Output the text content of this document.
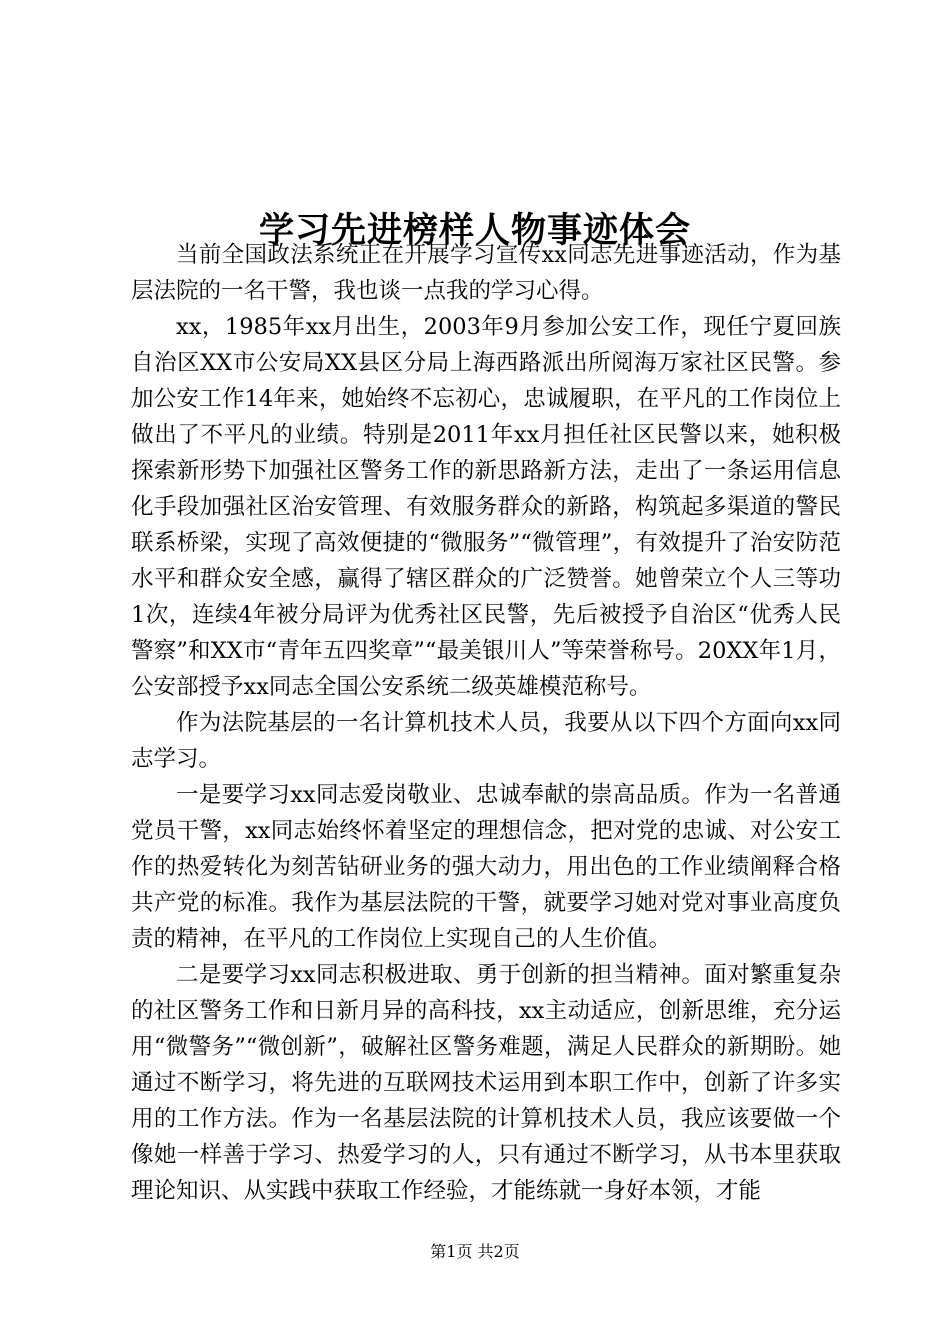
学习先进榜样人物事迹体会

当前全国政法系统正在开展学习宣传xx同志先进事迹活动，作为基层法院的一名干警，我也谈一点我的学习心得。

xx，1985年xx月出生，2003年9月参加公安工作，现任宁夏回族自治区XX市公安局XX县区分局上海西路派出所阅海万家社区民警。参加公安工作14年来，她始终不忘初心，忠诚履职，在平凡的工作岗位上做出了不平凡的业绩。特别是2011年xx月担任社区民警以来，她积极探索新形势下加强社区警务工作的新思路新方法，走出了一条运用信息化手段加强社区治安管理、有效服务群众的新路，构筑起多渠道的警民联系桥梁，实现了高效便捷的“微服务”“微管理”，有效提升了治安防范水平和群众安全感，赢得了辖区群众的广泛赞誉。她曾荣立个人三等功1次，连续4年被分局评为优秀社区民警，先后被授予自治区“优秀人民警察”和XX市“青年五四奖章”“最美银川人”等荣誉称号。20XX年1月，公安部授予xx同志全国公安系统二级英雄模范称号。

作为法院基层的一名计算机技术人员，我要从以下四个方面向xx同志学习。

一是要学习xx同志爱岗敬业、忠诚奉献的崇高品质。作为一名普通党员干警，xx同志始终怀着坚定的理想信念，把对党的忠诚、对公安工作的热爱转化为刻苦钻研业务的强大动力，用出色的工作业绩阐释合格共产党的标准。我作为基层法院的干警，就要学习她对党对事业高度负责的精神，在平凡的工作岗位上实现自己的人生价值。

二是要学习xx同志积极进取、勇于创新的担当精神。面对繁重复杂的社区警务工作和日新月异的高科技，xx主动适应，创新思维，充分运用“微警务”“微创新”，破解社区警务难题，满足人民群众的新期盼。她通过不断学习，将先进的互联网技术运用到本职工作中，创新了许多实用的工作方法。作为一名基层法院的计算机技术人员，我应该要做一个像她一样善于学习、热爱学习的人，只有通过不断学习，从书本里获取理论知识、从实践中获取工作经验，才能练就一身好本领，才能

第1页 共2页
